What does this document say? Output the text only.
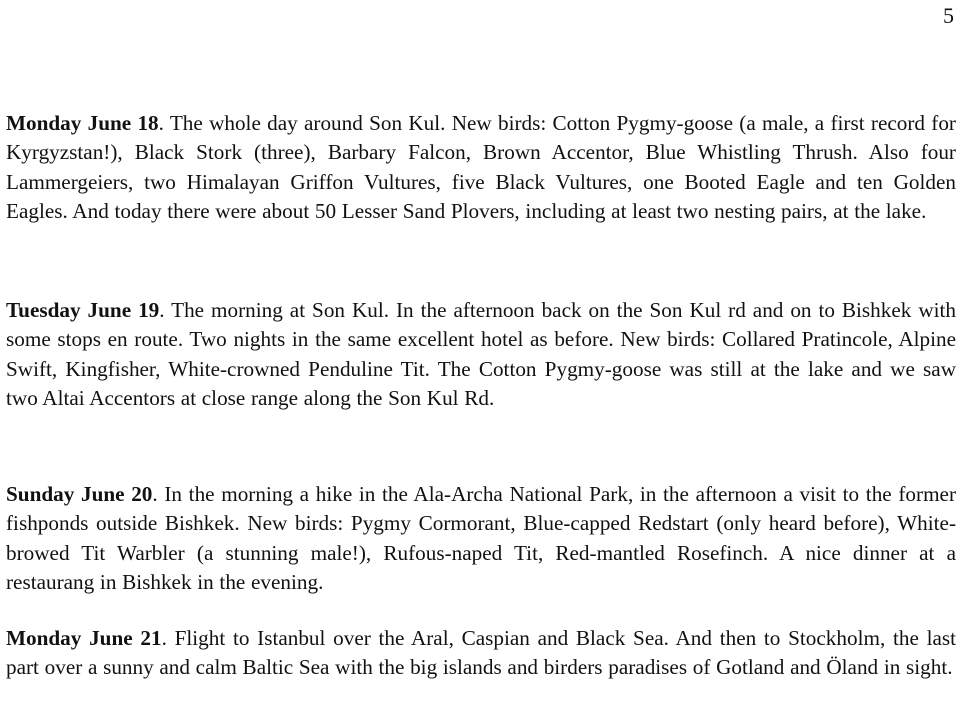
5

Monday June 18. The whole day around Son Kul. New birds: Cotton Pygmy-goose (a male, a first record for Kyrgyzstan!), Black Stork (three), Barbary Falcon, Brown Accentor, Blue Whistling Thrush. Also four Lammergeiers, two Himalayan Griffon Vultures, five Black Vultures, one Booted Eagle and ten Golden Eagles. And today there were about 50 Lesser Sand Plovers, including at least two nesting pairs, at the lake.

Tuesday June 19. The morning at Son Kul. In the afternoon back on the Son Kul rd and on to Bishkek with some stops en route. Two nights in the same excellent hotel as before. New birds: Collared Pratincole, Alpine Swift, Kingfisher, White-crowned Penduline Tit. The Cotton Pygmy-goose was still at the lake and we saw two Altai Accentors at close range along the Son Kul Rd.

Sunday June 20. In the morning a hike in the Ala-Archa National Park, in the afternoon a visit to the former fishponds outside Bishkek. New birds: Pygmy Cormorant, Blue-capped Redstart (only heard before), White-browed Tit Warbler (a stunning male!), Rufous-naped Tit, Red-mantled Rosefinch. A nice dinner at a restaurang in Bishkek in the evening.

Monday June 21. Flight to Istanbul over the Aral, Caspian and Black Sea. And then to Stockholm, the last part over a sunny and calm Baltic Sea with the big islands and birders paradises of Gotland and Öland in sight.
